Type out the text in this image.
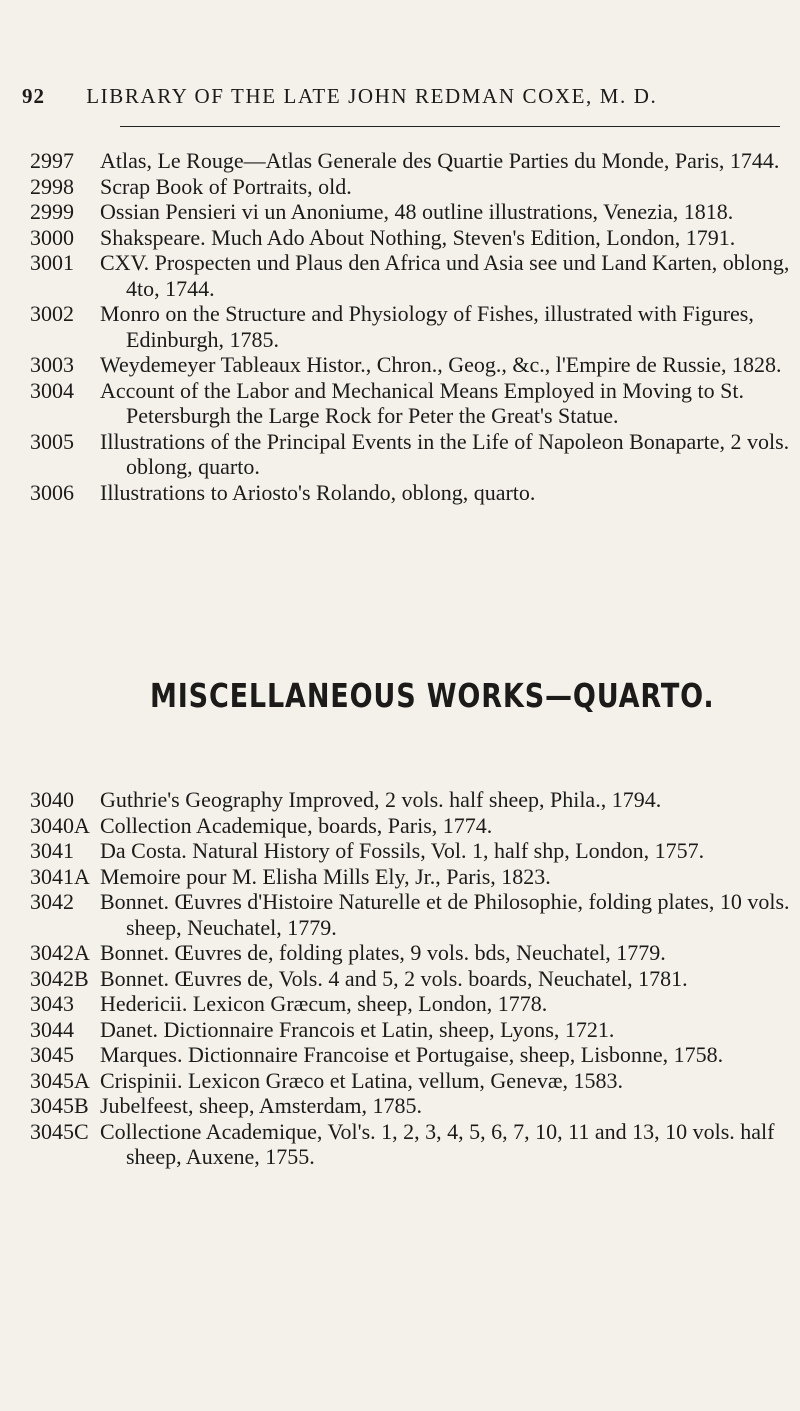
92 LIBRARY OF THE LATE JOHN REDMAN COXE, M. D.
2997	Atlas, Le Rouge—Atlas Generale des Quartie Parties du Monde, Paris, 1744.
2998	Scrap Book of Portraits, old.
2999	Ossian Pensieri vi un Anoniume, 48 outline illustrations, Venezia, 1818.
3000	Shakspeare. Much Ado About Nothing, Steven's Edition, London, 1791.
3001	CXV. Prospecten und Plaus den Africa und Asia see und Land Karten, oblong, 4to, 1744.
3002	Monro on the Structure and Physiology of Fishes, illustrated with Figures, Edinburgh, 1785.
3003	Weydemeyer Tableaux Histor., Chron., Geog., &c., l'Empire de Russie, 1828.
3004	Account of the Labor and Mechanical Means Employed in Moving to St. Petersburgh the Large Rock for Peter the Great's Statue.
3005	Illustrations of the Principal Events in the Life of Napoleon Bonaparte, 2 vols. oblong, quarto.
3006	Illustrations to Ariosto's Rolando, oblong, quarto.
MISCELLANEOUS WORKS—QUARTO.
3040	Guthrie's Geography Improved, 2 vols. half sheep, Phila., 1794.
3040A Collection Academique, boards, Paris, 1774.
3041	Da Costa. Natural History of Fossils, Vol. 1, half shp, London, 1757.
3041A Memoire pour M. Elisha Mills Ely, Jr., Paris, 1823.
3042	Bonnet. Œuvres d'Histoire Naturelle et de Philosophie, folding plates, 10 vols. sheep, Neuchatel, 1779.
3042A Bonnet. Œuvres de, folding plates, 9 vols. bds, Neuchatel, 1779.
3042B Bonnet. Œuvres de, Vols. 4 and 5, 2 vols. boards, Neuchatel, 1781.
3043	Hedericii. Lexicon Græcum, sheep, London, 1778.
3044	Danet. Dictionnaire Francois et Latin, sheep, Lyons, 1721.
3045	Marques. Dictionnaire Francoise et Portugaise, sheep, Lisbonne, 1758.
3045A Crispinii. Lexicon Græco et Latina, vellum, Genevæ, 1583.
3045B Jubelfeest, sheep, Amsterdam, 1785.
3045C Collectione Academique, Vol's. 1, 2, 3, 4, 5, 6, 7, 10, 11 and 13, 10 vols. half sheep, Auxene, 1755.
